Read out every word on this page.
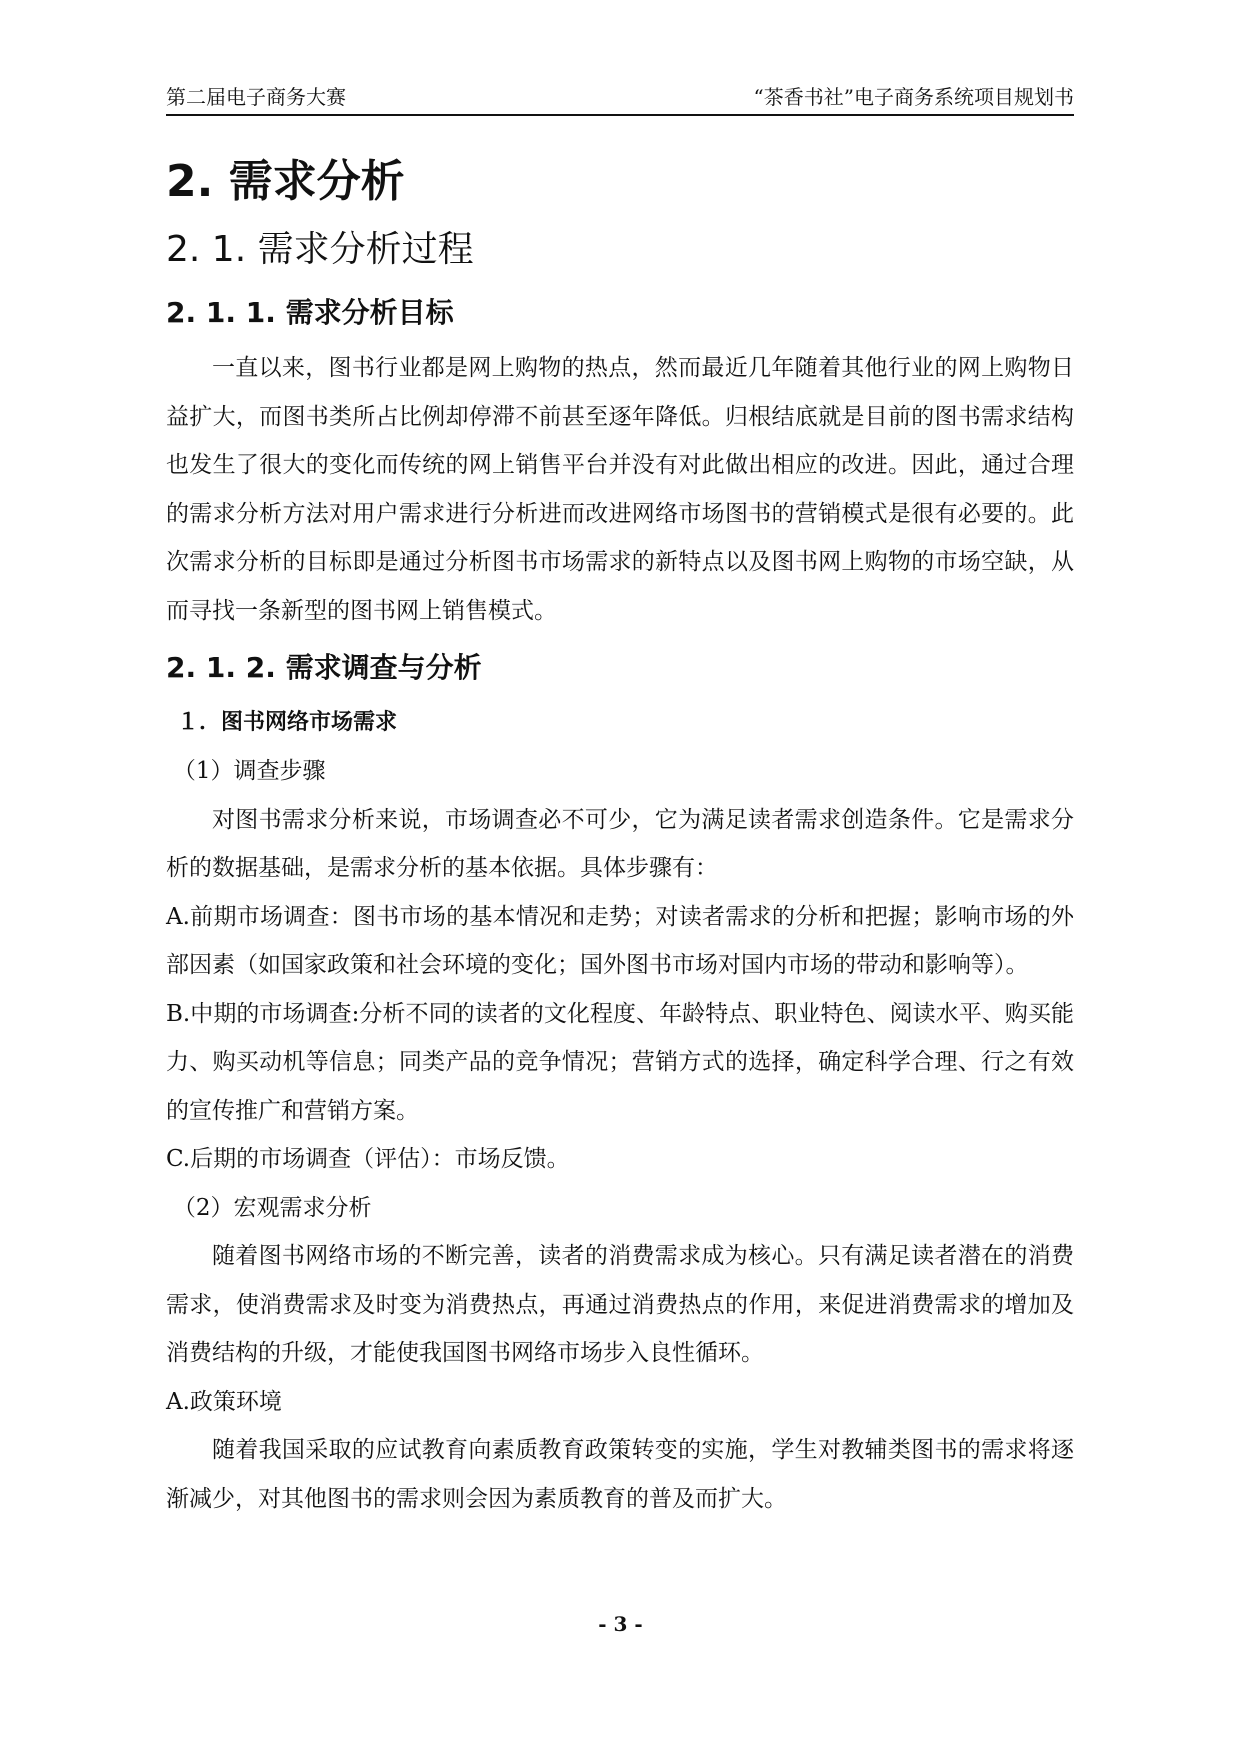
第二届电子商务大赛	“茶香书社”电子商务系统项目规划书
2. 需求分析
2. 1. 需求分析过程
2. 1. 1. 需求分析目标

一直以来，图书行业都是网上购物的热点，然而最近几年随着其他行业的网上购物日益扩大，而图书类所占比例却停滞不前甚至逐年降低。归根结底就是目前的图书需求结构也发生了很大的变化而传统的网上销售平台并没有对此做出相应的改进。因此，通过合理的需求分析方法对用户需求进行分析进而改进网络市场图书的营销模式是很有必要的。此次需求分析的目标即是通过分析图书市场需求的新特点以及图书网上购物的市场空缺，从而寻找一条新型的图书网上销售模式。

2. 1. 2. 需求调查与分析

１．图书网络市场需求

（1）调查步骤

对图书需求分析来说，市场调查必不可少，它为满足读者需求创造条件。它是需求分析的数据基础，是需求分析的基本依据。具体步骤有：

A.前期市场调查：图书市场的基本情况和走势；对读者需求的分析和把握；影响市场的外部因素（如国家政策和社会环境的变化；国外图书市场对国内市场的带动和影响等）。

B.中期的市场调查:分析不同的读者的文化程度、年龄特点、职业特色、阅读水平、购买能力、购买动机等信息；同类产品的竞争情况；营销方式的选择，确定科学合理、行之有效的宣传推广和营销方案。

C.后期的市场调查（评估）：市场反馈。

（2）宏观需求分析

随着图书网络市场的不断完善，读者的消费需求成为核心。只有满足读者潜在的消费需求，使消费需求及时变为消费热点，再通过消费热点的作用，来促进消费需求的增加及消费结构的升级，才能使我国图书网络市场步入良性循环。

A.政策环境

随着我国采取的应试教育向素质教育政策转变的实施，学生对教辅类图书的需求将逐渐减少，对其他图书的需求则会因为素质教育的普及而扩大。

- 3 -
